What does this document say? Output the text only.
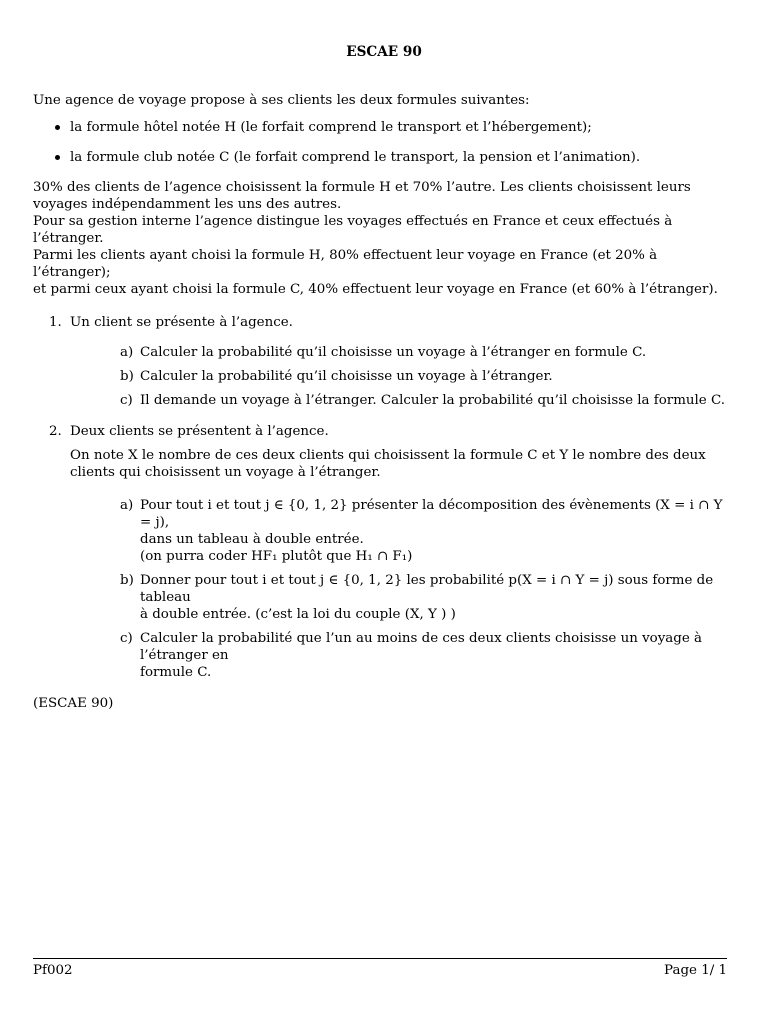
ESCAE 90

Une agence de voyage propose à ses clients les deux formules suivantes:

la formule hôtel notée H (le forfait comprend le transport et l’hébergement);
la formule club notée C (le forfait comprend le transport, la pension et l’animation).

30% des clients de l’agence choisissent la formule H et 70% l’autre. Les clients choisissent leurs voyages indépendamment les uns des autres.

Pour sa gestion interne l’agence distingue les voyages effectués en France et ceux effectués à l’étranger.

Parmi les clients ayant choisi la formule H, 80% effectuent leur voyage en France (et 20% à l’étranger);

et parmi ceux ayant choisi la formule C, 40% effectuent leur voyage en France (et 60% à l’étranger).

1. Un client se présente à l’agence.

a) Calculer la probabilité qu’il choisisse un voyage à l’étranger en formule C.
b) Calculer la probabilité qu’il choisisse un voyage à l’étranger.
c) Il demande un voyage à l’étranger. Calculer la probabilité qu’il choisisse la formule C.
2. Deux clients se présentent à l’agence.

On note X le nombre de ces deux clients qui choisissent la formule C et Y le nombre des deux clients qui choisissent un voyage à l’étranger.

a) Pour tout i et tout j ∈ {0, 1, 2} présenter la décomposition des évènements (X = i ∩ Y = j),
dans un tableau à double entrée.
(on purra coder HF₁ plutôt que H₁ ∩ F₁)
b) Donner pour tout i et tout j ∈ {0, 1, 2} les probabilité p(X = i ∩ Y = j) sous forme de tableau
à double entrée. (c’est la loi du couple (X, Y ) )
c) Calculer la probabilité que l’un au moins de ces deux clients choisisse un voyage à l’étranger en
formule C.

(ESCAE 90)

Pf002	Page 1/ 1
